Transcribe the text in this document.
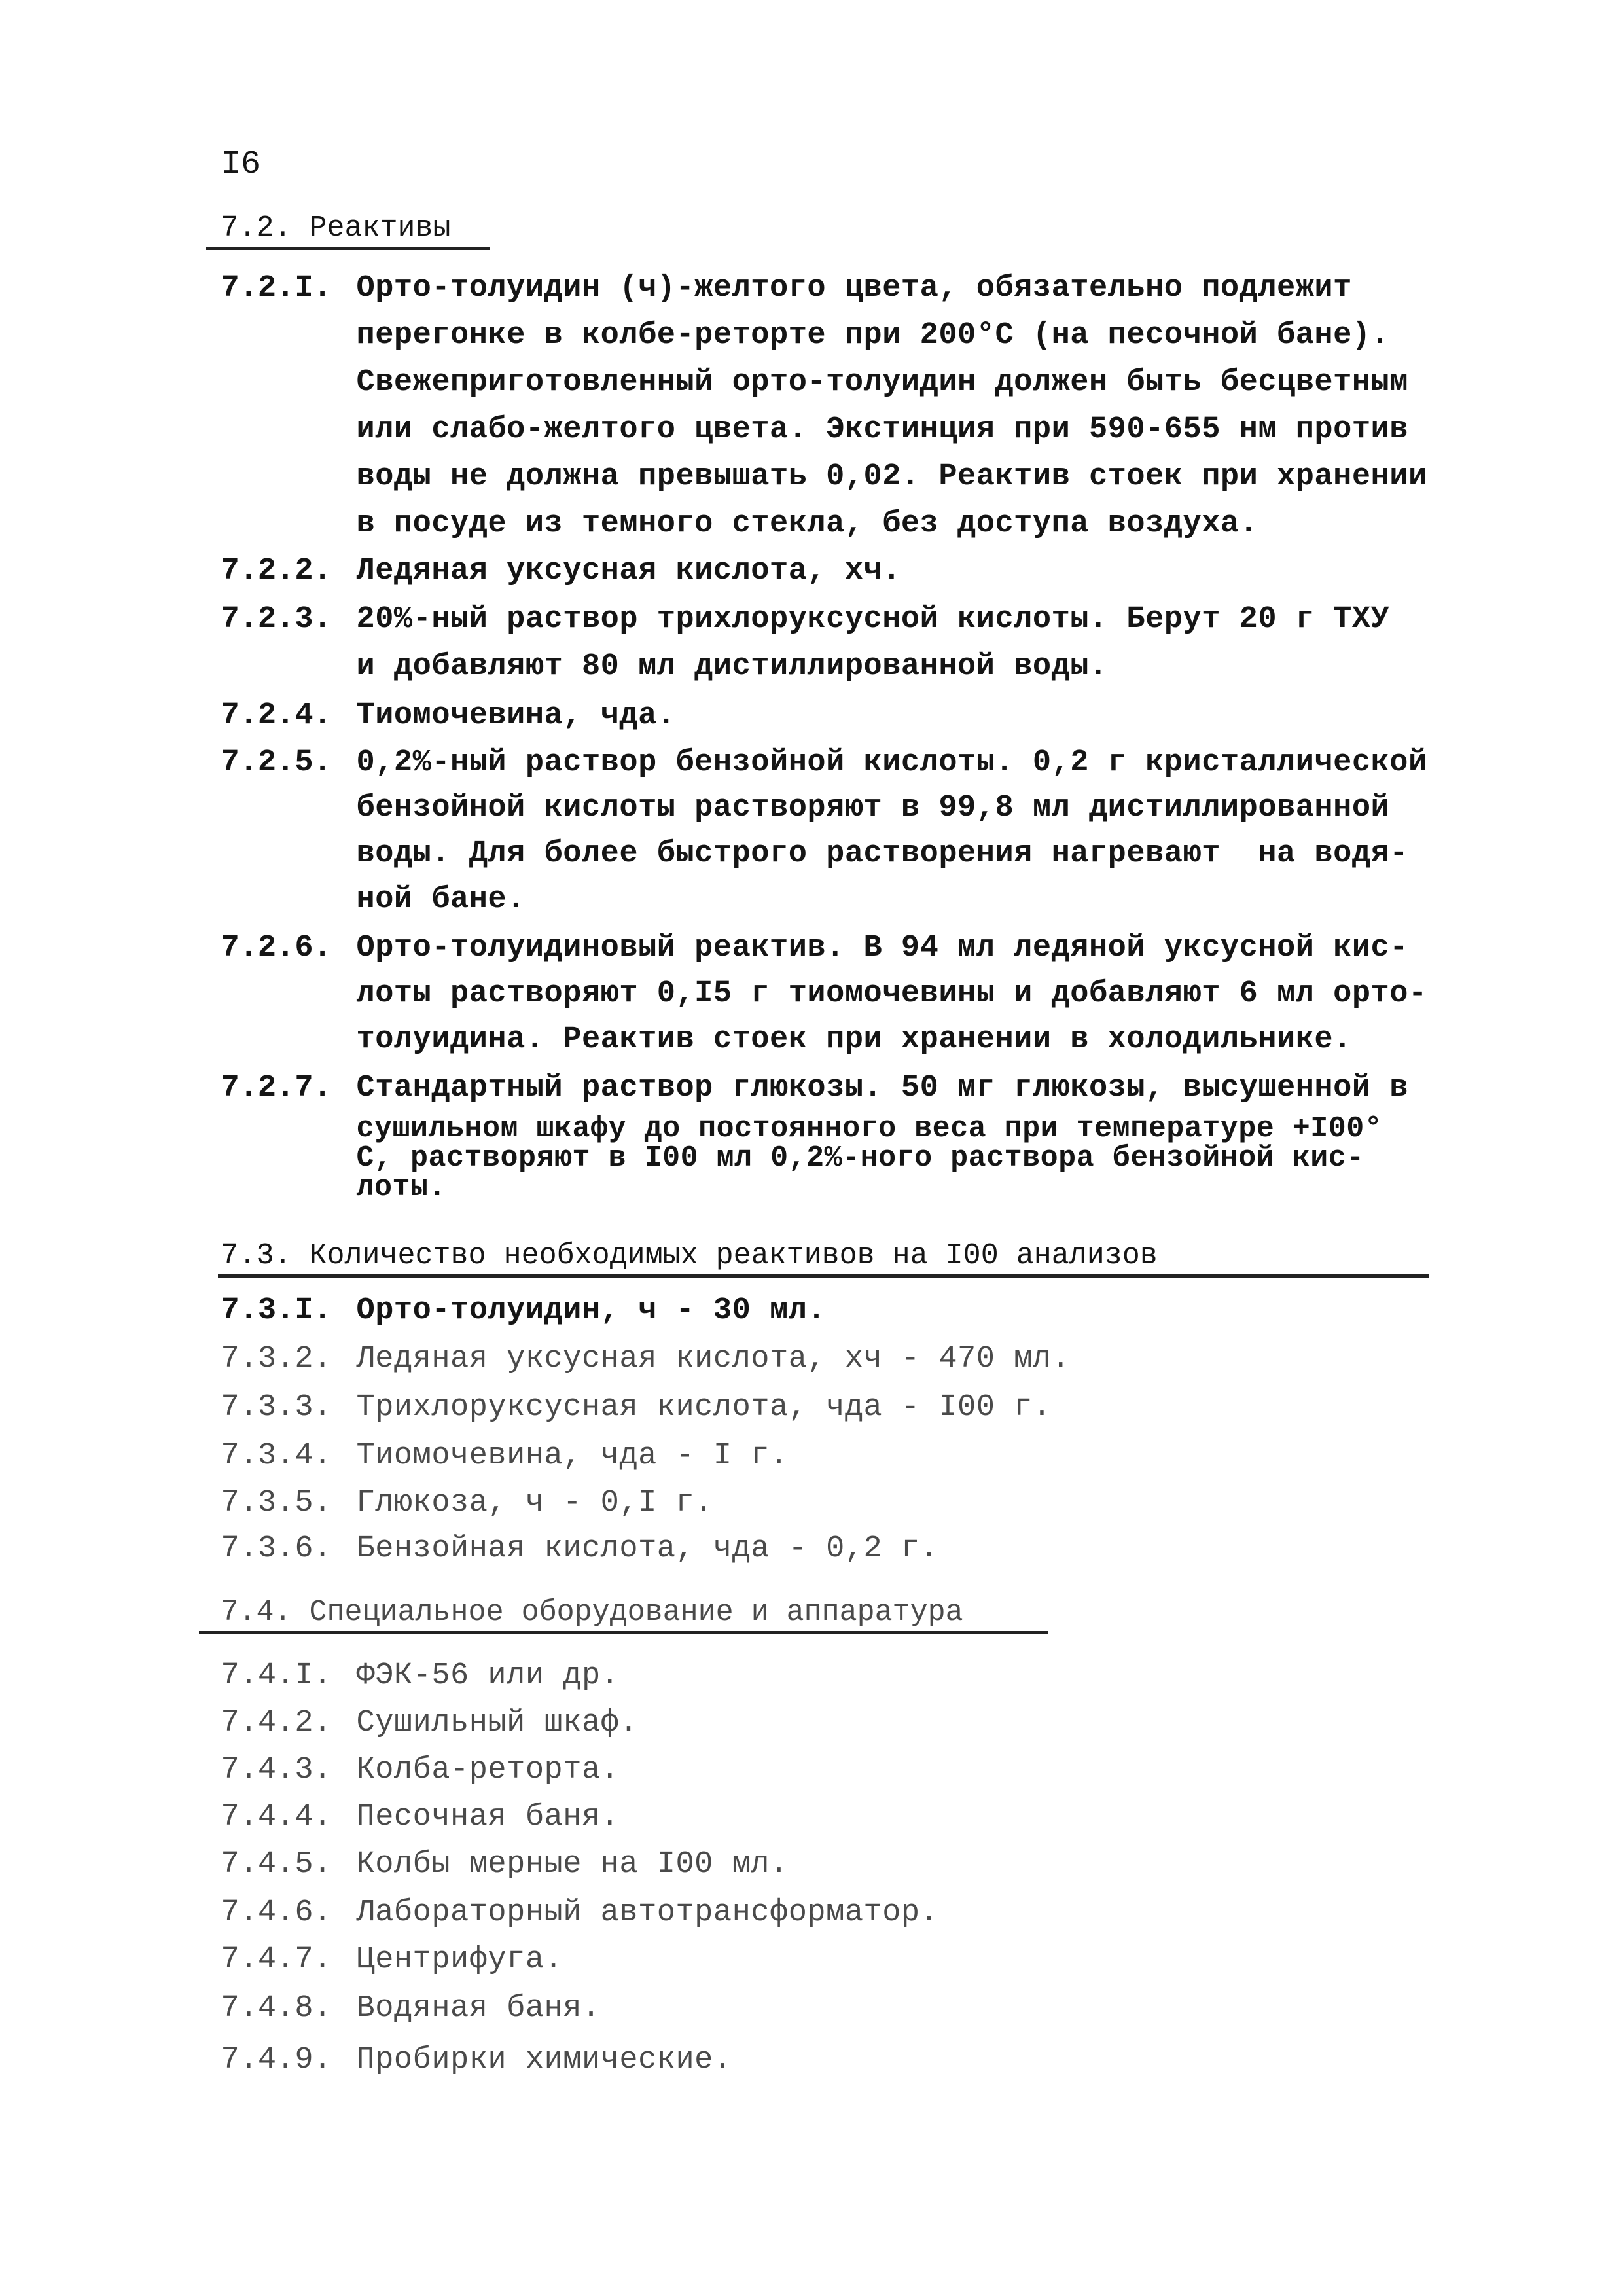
I6
7.2. Реактивы
7.2.I. Орто-толуидин (ч)-желтого цвета, обязательно подлежит
перегонке в колбе-реторте при 200°С (на песочной бане).
Свежеприготовленный орто-толуидин должен быть бесцветным
или слабо-желтого цвета. Экстинция при 590-655 нм против
воды не должна превышать 0,02. Реактив стоек при хранении
в посуде из темного стекла, без доступа воздуха.
7.2.2. Ледяная уксусная кислота, хч.
7.2.3. 20%-ный раствор трихлоруксусной кислоты. Берут 20 г ТХУ
и добавляют 80 мл дистиллированной воды.
7.2.4. Тиомочевина, чда.
7.2.5. 0,2%-ный раствор бензойной кислоты. 0,2 г кристаллической
бензойной кислоты растворяют в 99,8 мл дистиллированной
воды. Для более быстрого растворения нагревают  на водя-
ной бане.
7.2.6. Орто-толуидиновый реактив. В 94 мл ледяной уксусной кис-
лоты растворяют 0,I5 г тиомочевины и добавляют 6 мл орто-
толуидина. Реактив стоек при хранении в холодильнике.
7.2.7. Стандартный раствор глюкозы. 50 мг глюкозы, высушенной в
сушильном шкафу до постоянного веса при температуре +I00°
С, растворяют в I00 мл 0,2%-ного раствора бензойной кис-
лоты.
7.3. Количество необходимых реактивов на I00 анализов
7.3.I. Орто-толуидин, ч - 30 мл.
7.3.2. Ледяная уксусная кислота, хч - 470 мл.
7.3.3. Трихлоруксусная кислота, чда - I00 г.
7.3.4. Тиомочевина, чда - I г.
7.3.5. Глюкоза, ч - 0,I г.
7.3.6. Бензойная кислота, чда - 0,2 г.
7.4. Специальное оборудование и аппаратура
7.4.I. ФЭК-56 или др.
7.4.2. Сушильный шкаф.
7.4.3. Колба-реторта.
7.4.4. Песочная баня.
7.4.5. Колбы мерные на I00 мл.
7.4.6. Лабораторный автотрансформатор.
7.4.7. Центрифуга.
7.4.8. Водяная баня.
7.4.9. Пробирки химические.
